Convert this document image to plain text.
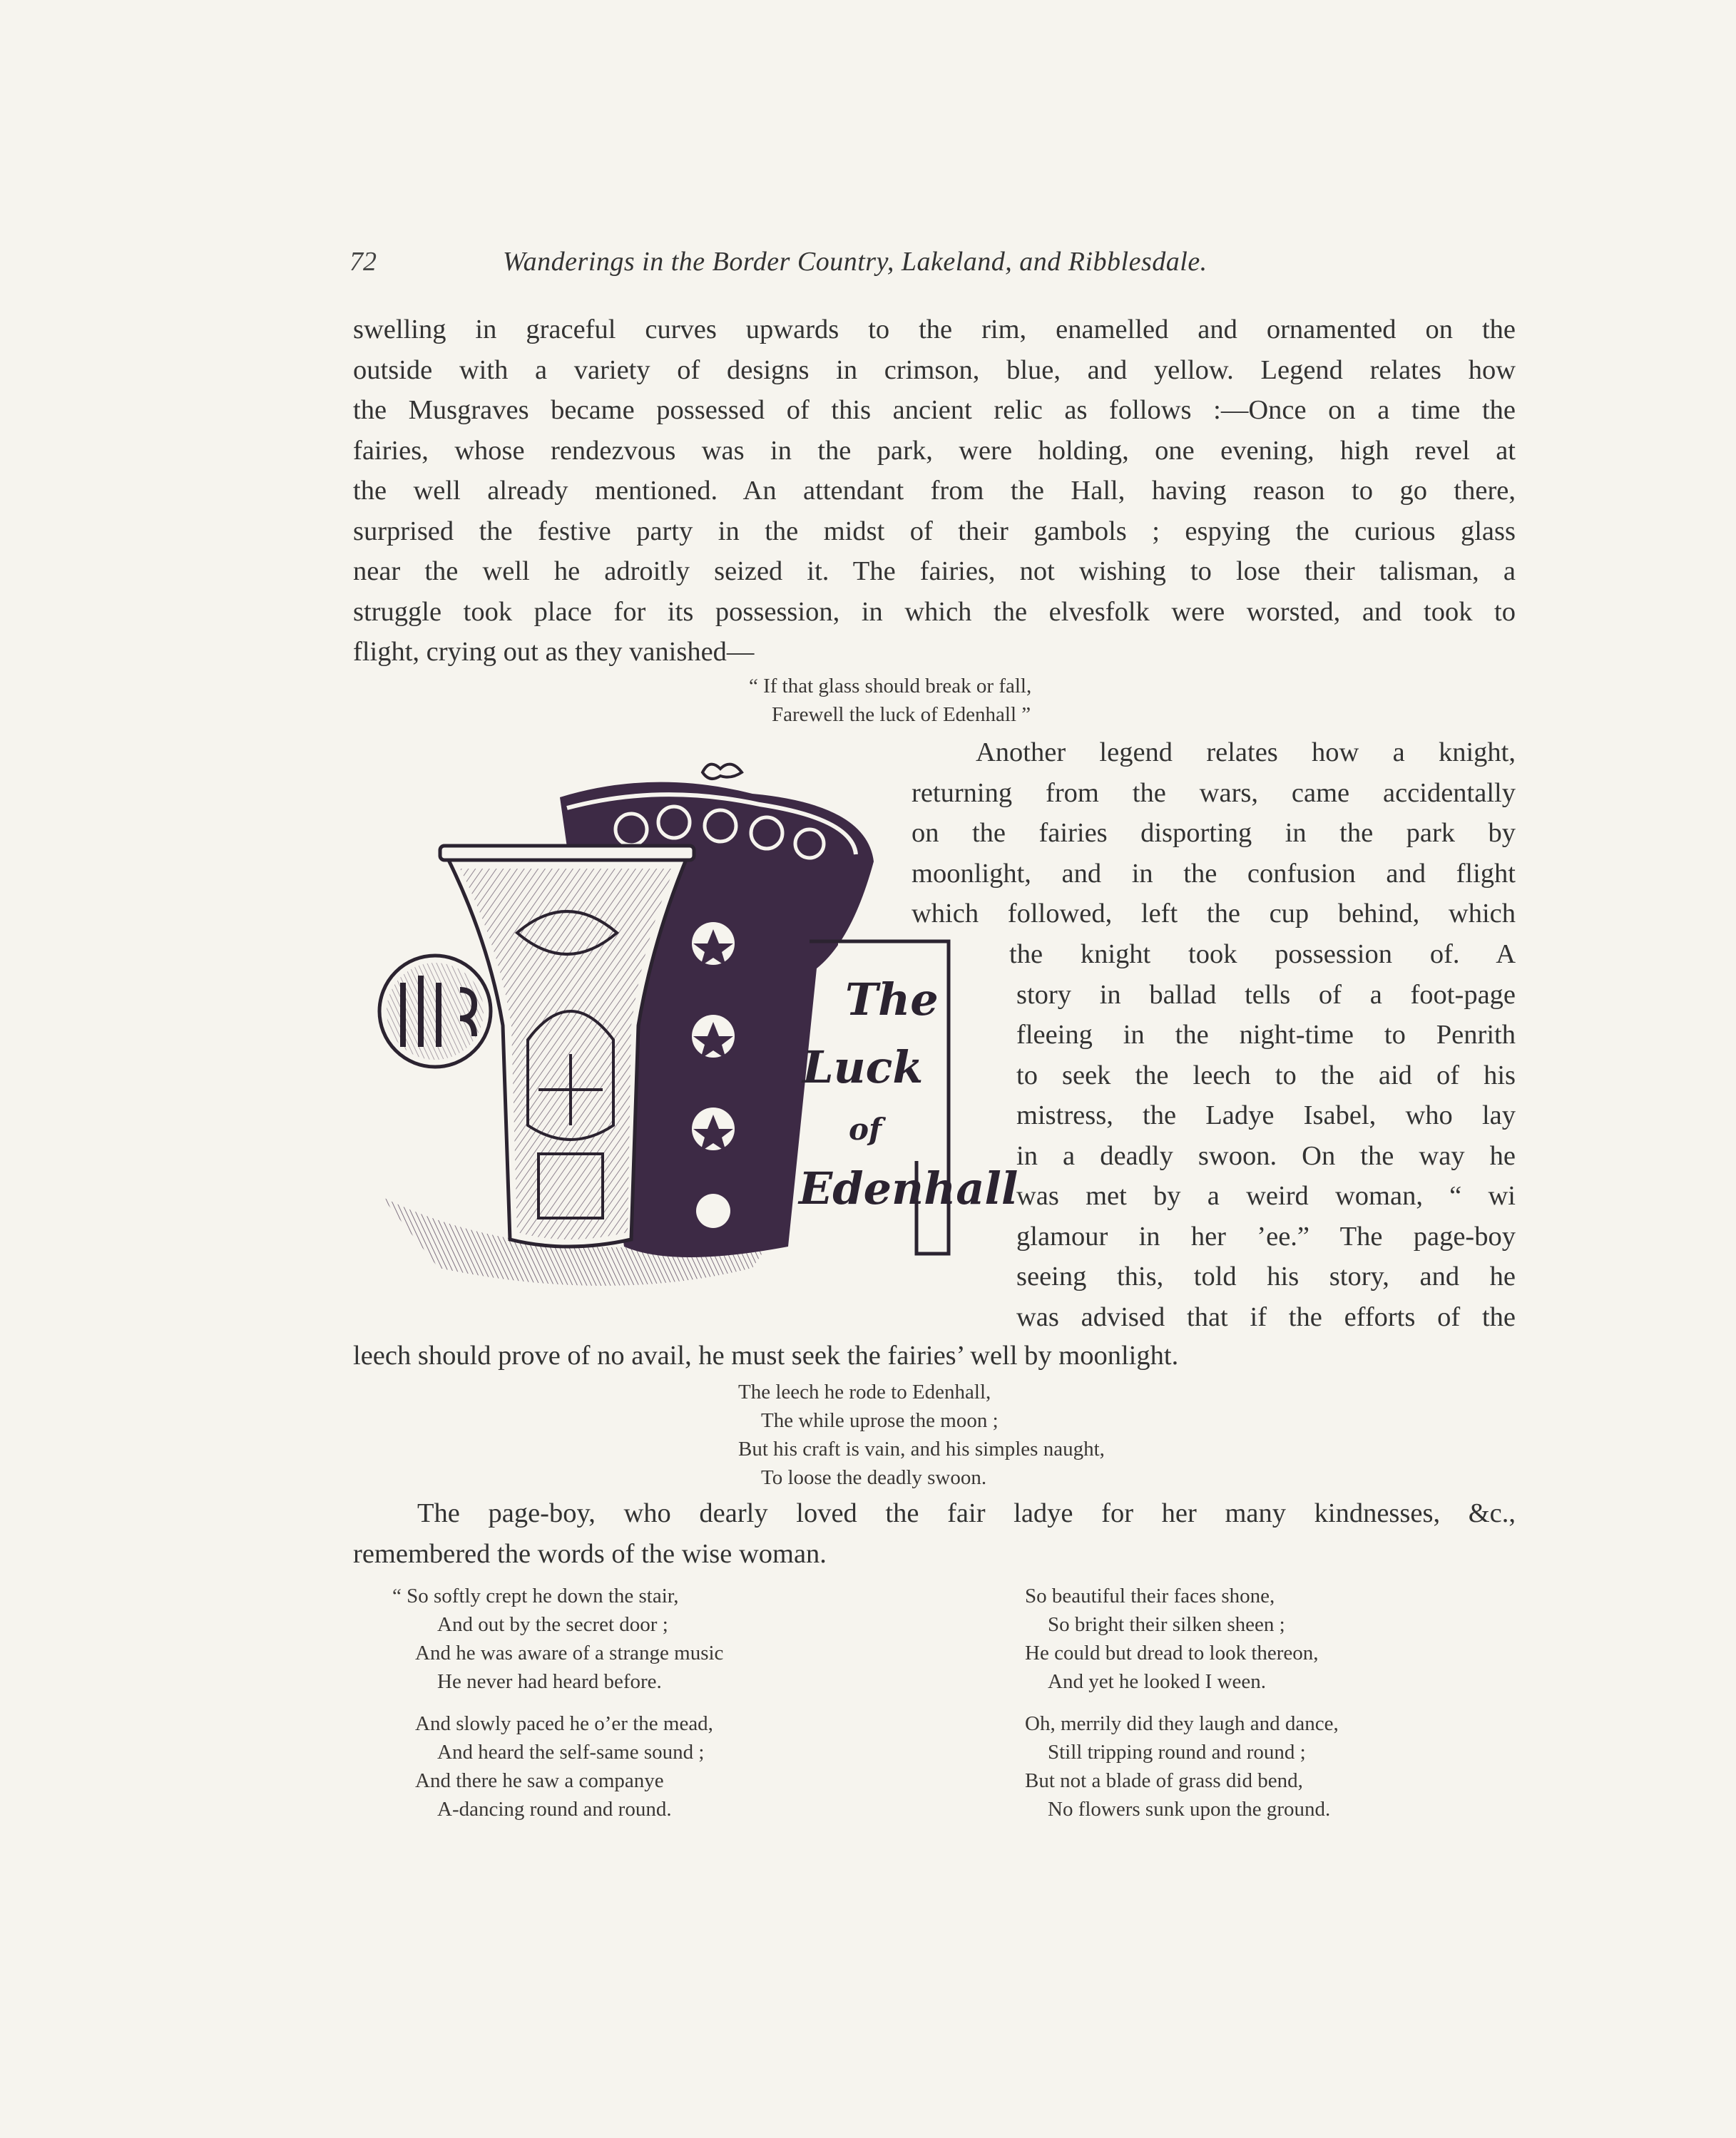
72	Wanderings in the Border Country, Lakeland, and Ribblesdale.
swelling in graceful curves upwards to the rim, enamelled and ornamented on the
outside with a variety of designs in crimson, blue, and yellow. Legend relates how
the Musgraves became possessed of this ancient relic as follows :—Once on a time the
fairies, whose rendezvous was in the park, were holding, one evening, high revel at
the well already mentioned. An attendant from the Hall, having reason to go there,
surprised the festive party in the midst of their gambols ; espying the curious glass
near the well he adroitly seized it. The fairies, not wishing to lose their talisman, a
struggle took place for its possession, in which the elvesfolk were worsted, and took to
flight, crying out as they vanished—
“ If that glass should break or fall,
Farewell the luck of Edenhall ”
Another legend relates how a knight,
returning from the wars, came accidentally
on the fairies disporting in the park by
moonlight, and in the confusion and flight
which followed, left the cup behind, which
the knight took possession of. A
story in ballad tells of a foot-page
fleeing in the night-time to Penrith
to seek the leech to the aid of his
mistress, the Ladye Isabel, who lay
in a deadly swoon. On the way he
was met by a weird woman, “ wi
glamour in her ’ee.” The page-boy
seeing this, told his story, and he
was advised that if the efforts of the
leech should prove of no avail, he must seek the fairies’ well by moonlight.
The leech he rode to Edenhall,
The while uprose the moon ;
But his craft is vain, and his simples naught,
To loose the deadly swoon.
The page-boy, who dearly loved the fair ladye for her many kindnesses, &c.,
remembered the words of the wise woman.
“ So softly crept he down the stair,
And out by the secret door ;
And he was aware of a strange music
He never had heard before.
And slowly paced he o’er the mead,
And heard the self-same sound ;
And there he saw a companye
A-dancing round and round.
So beautiful their faces shone,
So bright their silken sheen ;
He could but dread to look thereon,
And yet he looked I ween.
Oh, merrily did they laugh and dance,
Still tripping round and round ;
But not a blade of grass did bend,
No flowers sunk upon the ground.
The
Luck
of
Edenhall
